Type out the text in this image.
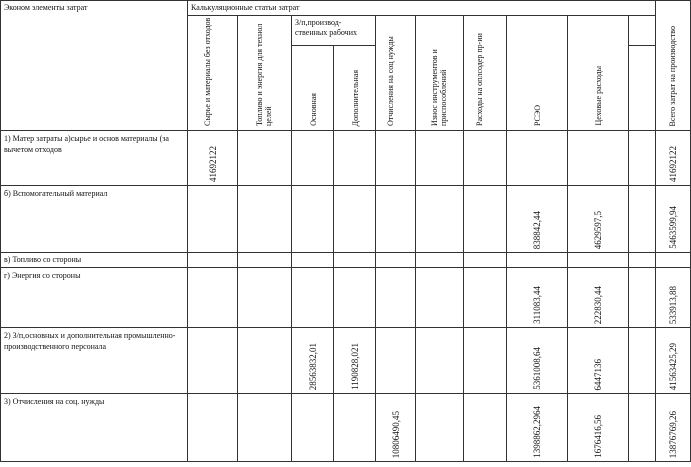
Эконом элементы затрат	Калькуляционные статьи затрат										Всего затрат на производство

	Сырье и материалы без отходов	Топливо и энергия для технол целей	З/п,производ-ственных рабочих		Отчисления на соц нужды	Износ инструментов и приспособлений	Расходы на оплсодер пр-ии	РСЭО	Цеховые расходы		

			Основная	Дополнительная							

1) Матер затраты а)сырье и основ материалы (за вычетом отходов	41692122										41692122

б) Вспомогательный материал								838842,44	4629597,5		5463599,94

в) Топливо со стороны											

г) Энергия со стороны								311083,44	222830,44		533913,88

2) З/п,основных и дополнительная промышленно-производственного персонала			28563832,01	1190828,021				5361008,64	6447136		41563425,29

3) Отчисления на соц. нужды					10806490,45			1398862,2964	1676416,56		13876769,26
